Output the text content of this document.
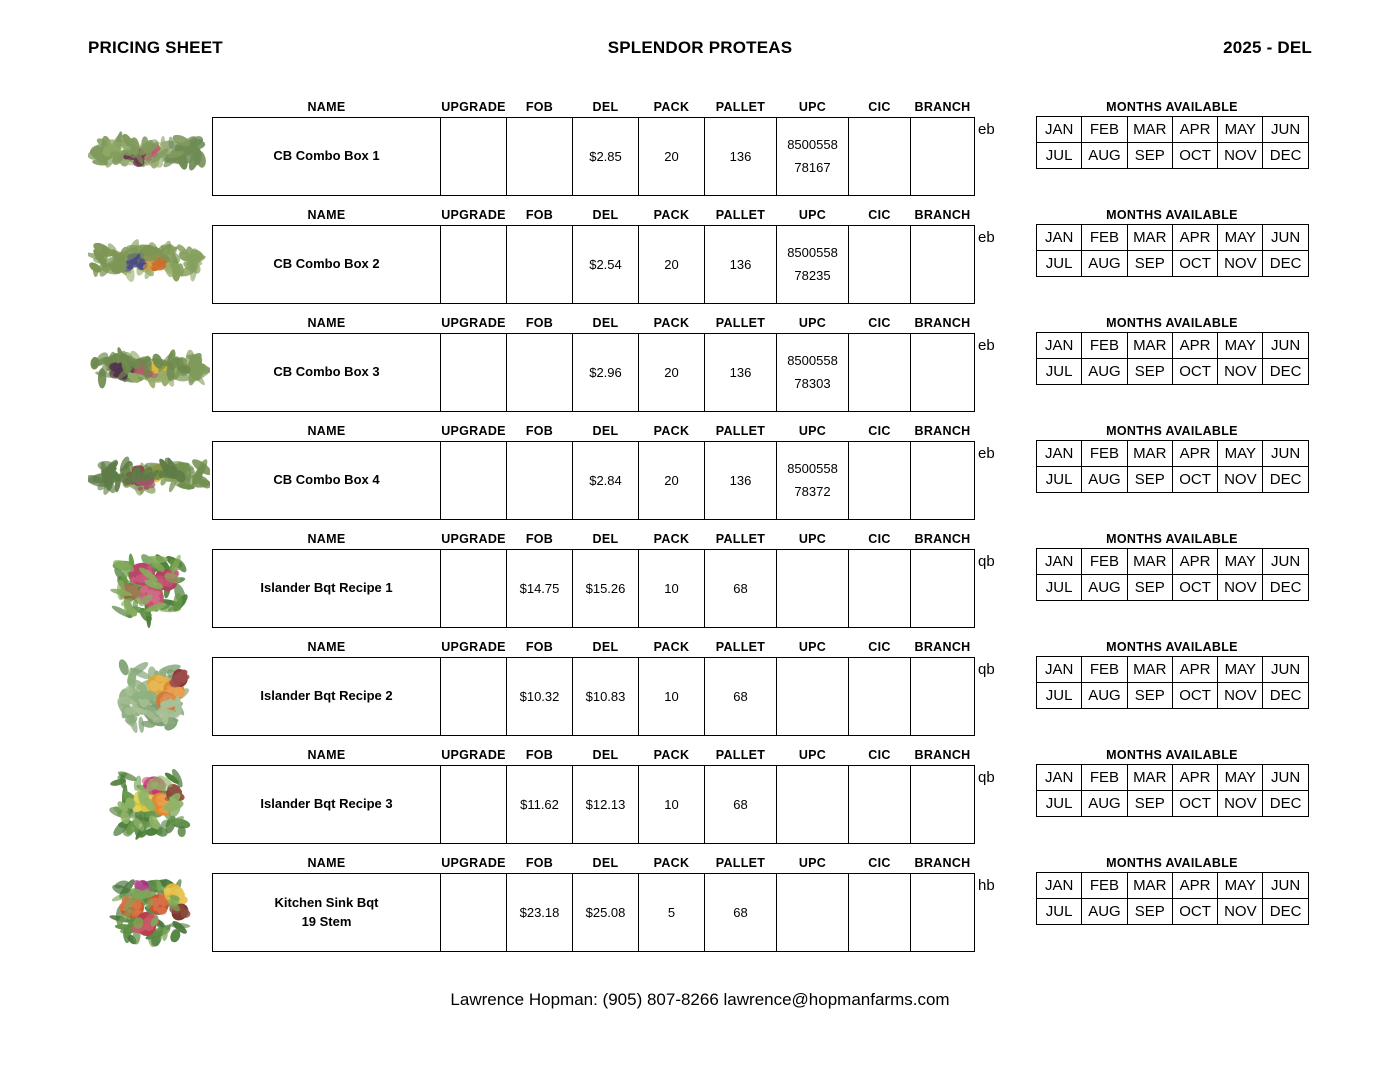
PRICING SHEET	SPLENDOR PROTEAS	2025 - DEL
NAME	UPGRADE	FOB	DEL	PACK	PALLET	UPC	CIC	BRANCH
CB Combo Box 1			$2.85	20	136	8500558
78167		
eb
MONTHS AVAILABLE
JAN	FEB	MAR	APR	MAY	JUN
JUL	AUG	SEP	OCT	NOV	DEC
NAME	UPGRADE	FOB	DEL	PACK	PALLET	UPC	CIC	BRANCH
CB Combo Box 2			$2.54	20	136	8500558
78235		
eb
MONTHS AVAILABLE
JAN	FEB	MAR	APR	MAY	JUN
JUL	AUG	SEP	OCT	NOV	DEC
NAME	UPGRADE	FOB	DEL	PACK	PALLET	UPC	CIC	BRANCH
CB Combo Box 3			$2.96	20	136	8500558
78303		
eb
MONTHS AVAILABLE
JAN	FEB	MAR	APR	MAY	JUN
JUL	AUG	SEP	OCT	NOV	DEC
NAME	UPGRADE	FOB	DEL	PACK	PALLET	UPC	CIC	BRANCH
CB Combo Box 4			$2.84	20	136	8500558
78372		
eb
MONTHS AVAILABLE
JAN	FEB	MAR	APR	MAY	JUN
JUL	AUG	SEP	OCT	NOV	DEC
NAME	UPGRADE	FOB	DEL	PACK	PALLET	UPC	CIC	BRANCH
Islander Bqt Recipe 1		$14.75	$15.26	10	68			
qb
MONTHS AVAILABLE
JAN	FEB	MAR	APR	MAY	JUN
JUL	AUG	SEP	OCT	NOV	DEC
NAME	UPGRADE	FOB	DEL	PACK	PALLET	UPC	CIC	BRANCH
Islander Bqt Recipe 2		$10.32	$10.83	10	68			
qb
MONTHS AVAILABLE
JAN	FEB	MAR	APR	MAY	JUN
JUL	AUG	SEP	OCT	NOV	DEC
NAME	UPGRADE	FOB	DEL	PACK	PALLET	UPC	CIC	BRANCH
Islander Bqt Recipe 3		$11.62	$12.13	10	68			
qb
MONTHS AVAILABLE
JAN	FEB	MAR	APR	MAY	JUN
JUL	AUG	SEP	OCT	NOV	DEC
NAME	UPGRADE	FOB	DEL	PACK	PALLET	UPC	CIC	BRANCH
Kitchen Sink Bqt
19 Stem		$23.18	$25.08	5	68			
hb
MONTHS AVAILABLE
JAN	FEB	MAR	APR	MAY	JUN
JUL	AUG	SEP	OCT	NOV	DEC
Lawrence Hopman: (905) 807-8266 lawrence@hopmanfarms.com
